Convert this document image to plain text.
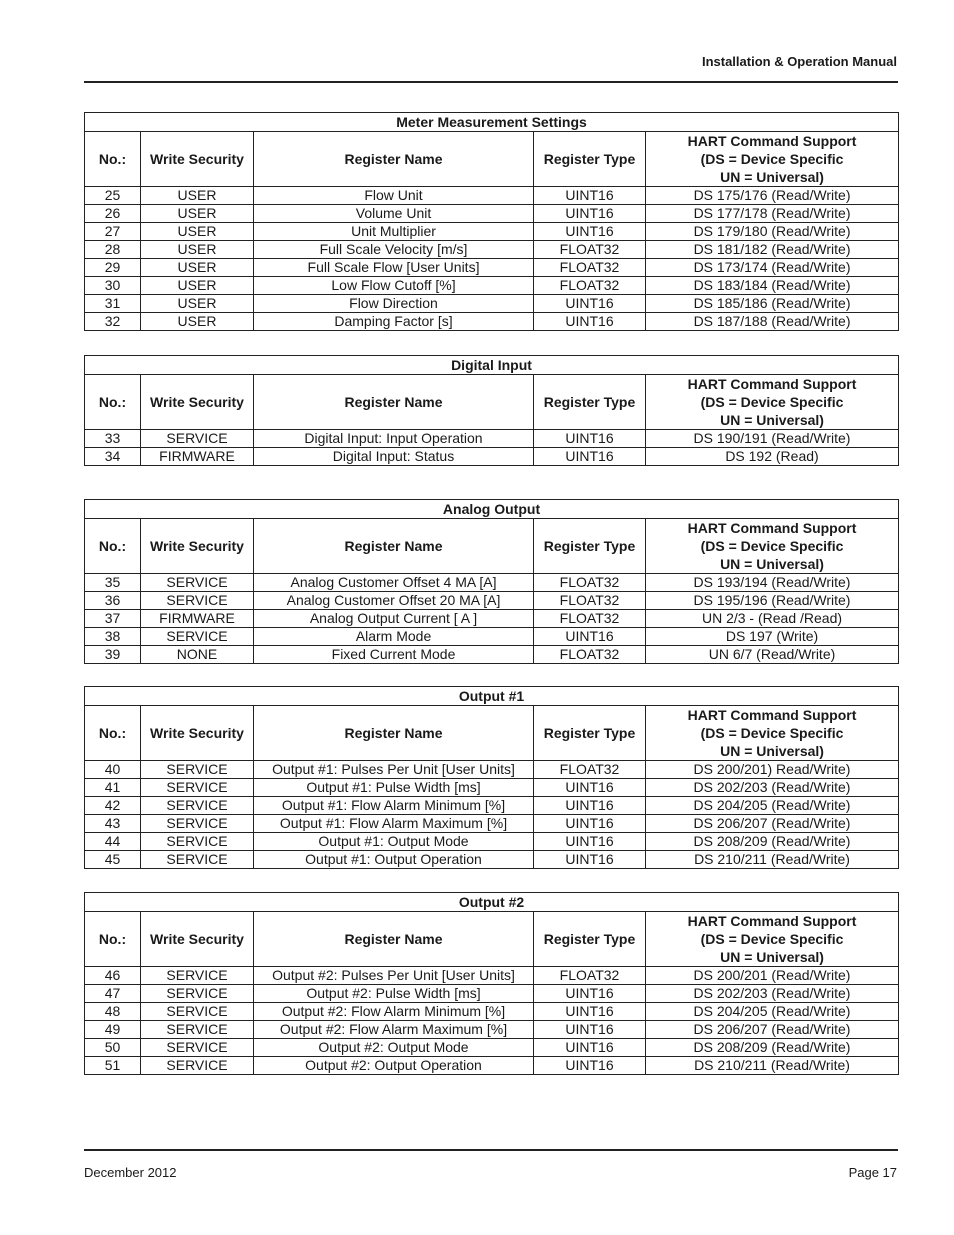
Installation & Operation Manual
Meter Measurement Settings				
No.:	Write Security	Register Name	Register Type	HART Command Support
(DS = Device Specific
UN = Universal)

25	USER	Flow Unit	UINT16	DS 175/176 (Read/Write)
26	USER	Volume Unit	UINT16	DS 177/178 (Read/Write)
27	USER	Unit Multiplier	UINT16	DS 179/180 (Read/Write)
28	USER	Full Scale Velocity [m/s]	FLOAT32	DS 181/182 (Read/Write)
29	USER	Full Scale Flow [User Units]	FLOAT32	DS 173/174 (Read/Write)
30	USER	Low Flow Cutoff [%]	FLOAT32	DS 183/184 (Read/Write)
31	USER	Flow Direction	UINT16	DS 185/186 (Read/Write)
32	USER	Damping Factor [s]	UINT16	DS 187/188 (Read/Write)
Digital Input				
No.:	Write Security	Register Name	Register Type	HART Command Support
(DS = Device Specific
UN = Universal)

33	SERVICE	Digital Input: Input Operation	UINT16	DS 190/191 (Read/Write)
34	FIRMWARE	Digital Input: Status	UINT16	DS 192 (Read)
Analog Output				
No.:	Write Security	Register Name	Register Type	HART Command Support
(DS = Device Specific
UN = Universal)

35	SERVICE	Analog Customer Offset 4 MA [A]	FLOAT32	DS 193/194 (Read/Write)
36	SERVICE	Analog Customer Offset 20 MA [A]	FLOAT32	DS 195/196 (Read/Write)
37	FIRMWARE	Analog Output Current [ A ]	FLOAT32	UN 2/3 - (Read /Read)
38	SERVICE	Alarm Mode	UINT16	DS 197 (Write)
39	NONE	Fixed Current Mode	FLOAT32	UN 6/7 (Read/Write)
Output #1				
No.:	Write Security	Register Name	Register Type	HART Command Support
(DS = Device Specific
UN = Universal)

40	SERVICE	Output #1: Pulses Per Unit [User Units]	FLOAT32	DS 200/201) Read/Write)
41	SERVICE	Output #1: Pulse Width [ms]	UINT16	DS 202/203 (Read/Write)
42	SERVICE	Output #1: Flow Alarm Minimum [%]	UINT16	DS 204/205 (Read/Write)
43	SERVICE	Output #1: Flow Alarm Maximum [%]	UINT16	DS 206/207 (Read/Write)
44	SERVICE	Output #1: Output Mode	UINT16	DS 208/209 (Read/Write)
45	SERVICE	Output #1: Output Operation	UINT16	DS 210/211 (Read/Write)
Output #2				
No.:	Write Security	Register Name	Register Type	HART Command Support
(DS = Device Specific
UN = Universal)

46	SERVICE	Output #2: Pulses Per Unit [User Units]	FLOAT32	DS 200/201 (Read/Write)
47	SERVICE	Output #2: Pulse Width [ms]	UINT16	DS 202/203 (Read/Write)
48	SERVICE	Output #2: Flow Alarm Minimum [%]	UINT16	DS 204/205 (Read/Write)
49	SERVICE	Output #2: Flow Alarm Maximum [%]	UINT16	DS 206/207 (Read/Write)
50	SERVICE	Output #2: Output Mode	UINT16	DS 208/209 (Read/Write)
51	SERVICE	Output #2: Output Operation	UINT16	DS 210/211 (Read/Write)
December 2012	Page 17
